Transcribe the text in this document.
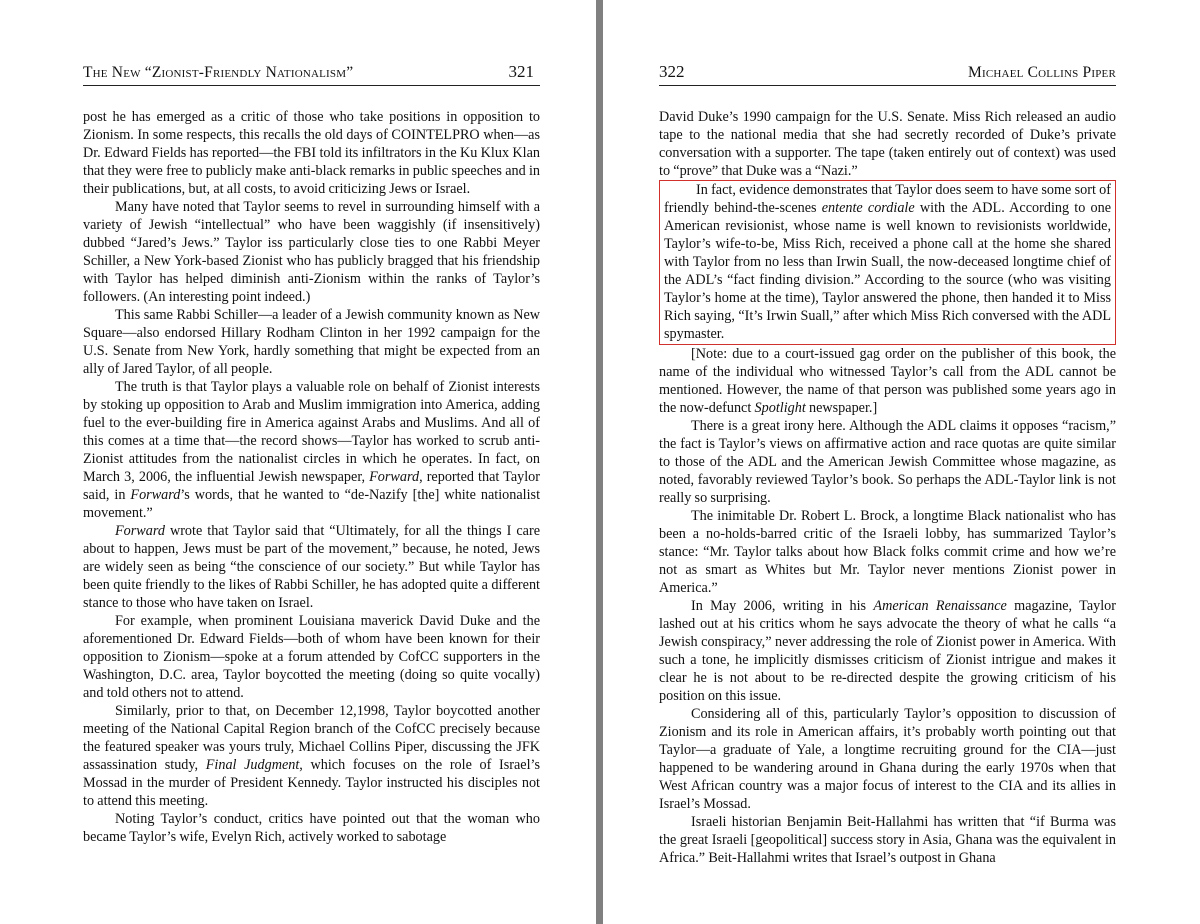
The New “Zionist-Friendly Nationalism”	321

post he has emerged as a critic of those who take positions in opposition to Zionism. In some respects, this recalls the old days of COINTELPRO when—as Dr. Edward Fields has reported—the FBI told its infiltrators in the Ku Klux Klan that they were free to publicly make anti-black remarks in public speeches and in their publications, but, at all costs, to avoid criticizing Jews or Israel.

Many have noted that Taylor seems to revel in surrounding himself with a variety of Jewish “intellectual” who have been waggishly (if insensitively) dubbed “Jared’s Jews.” Taylor iss particularly close ties to one Rabbi Meyer Schiller, a New York-based Zionist who has publicly bragged that his friendship with Taylor has helped diminish anti-Zionism within the ranks of Taylor’s followers. (An interesting point indeed.)

This same Rabbi Schiller—a leader of a Jewish community known as New Square—also endorsed Hillary Rodham Clinton in her 1992 campaign for the U.S. Senate from New York, hardly something that might be expected from an ally of Jared Taylor, of all people.

The truth is that Taylor plays a valuable role on behalf of Zionist interests by stoking up opposition to Arab and Muslim immigration into America, adding fuel to the ever-building fire in America against Arabs and Muslims. And all of this comes at a time that—the record shows—Taylor has worked to scrub anti-Zionist attitudes from the nationalist circles in which he operates. In fact, on March 3, 2006, the influential Jewish newspaper, Forward, reported that Taylor said, in Forward’s words, that he wanted to “de-Nazify [the] white nationalist movement.”

Forward wrote that Taylor said that “Ultimately, for all the things I care about to happen, Jews must be part of the movement,” because, he noted, Jews are widely seen as being “the conscience of our society.” But while Taylor has been quite friendly to the likes of Rabbi Schiller, he has adopted quite a different stance to those who have taken on Israel.

For example, when prominent Louisiana maverick David Duke and the aforementioned Dr. Edward Fields—both of whom have been known for their opposition to Zionism—spoke at a forum attended by CofCC supporters in the Washington, D.C. area, Taylor boycotted the meeting (doing so quite vocally) and told others not to attend.

Similarly, prior to that, on December 12,1998, Taylor boycotted another meeting of the National Capital Region branch of the CofCC precisely because the featured speaker was yours truly, Michael Collins Piper, discussing the JFK assassination study, Final Judgment, which focuses on the role of Israel’s Mossad in the murder of President Kennedy. Taylor instructed his disciples not to attend this meeting.

Noting Taylor’s conduct, critics have pointed out that the woman who became Taylor’s wife, Evelyn Rich, actively worked to sabotage

322	Michael Collins Piper

David Duke’s 1990 campaign for the U.S. Senate. Miss Rich released an audio tape to the national media that she had secretly recorded of Duke’s private conversation with a supporter. The tape (taken entirely out of context) was used to “prove” that Duke was a “Nazi.”

In fact, evidence demonstrates that Taylor does seem to have some sort of friendly behind-the-scenes entente cordiale with the ADL. According to one American revisionist, whose name is well known to revisionists worldwide, Taylor’s wife-to-be, Miss Rich, received a phone call at the home she shared with Taylor from no less than Irwin Suall, the now-deceased longtime chief of the ADL’s “fact finding division.” According to the source (who was visiting Taylor’s home at the time), Taylor answered the phone, then handed it to Miss Rich saying, “It’s Irwin Suall,” after which Miss Rich conversed with the ADL spymaster.

[Note: due to a court-issued gag order on the publisher of this book, the name of the individual who witnessed Taylor’s call from the ADL cannot be mentioned. However, the name of that person was published some years ago in the now-defunct Spotlight newspaper.]

There is a great irony here. Although the ADL claims it opposes “racism,” the fact is Taylor’s views on affirmative action and race quotas are quite similar to those of the ADL and the American Jewish Committee whose magazine, as noted, favorably reviewed Taylor’s book. So perhaps the ADL-Taylor link is not really so surprising.

The inimitable Dr. Robert L. Brock, a longtime Black nationalist who has been a no-holds-barred critic of the Israeli lobby, has summarized Taylor’s stance: “Mr. Taylor talks about how Black folks commit crime and how we’re not as smart as Whites but Mr. Taylor never mentions Zionist power in America.”

In May 2006, writing in his American Renaissance magazine, Taylor lashed out at his critics whom he says advocate the theory of what he calls “a Jewish conspiracy,” never addressing the role of Zionist power in America. With such a tone, he implicitly dismisses criticism of Zionist intrigue and makes it clear he is not about to be re-directed despite the growing criticism of his position on this issue.

Considering all of this, particularly Taylor’s opposition to discussion of Zionism and its role in American affairs, it’s probably worth pointing out that Taylor—a graduate of Yale, a longtime recruiting ground for the CIA—just happened to be wandering around in Ghana during the early 1970s when that West African country was a major focus of interest to the CIA and its allies in Israel’s Mossad.

Israeli historian Benjamin Beit-Hallahmi has written that “if Burma was the great Israeli [geopolitical] success story in Asia, Ghana was the equivalent in Africa.” Beit-Hallahmi writes that Israel’s outpost in Ghana
